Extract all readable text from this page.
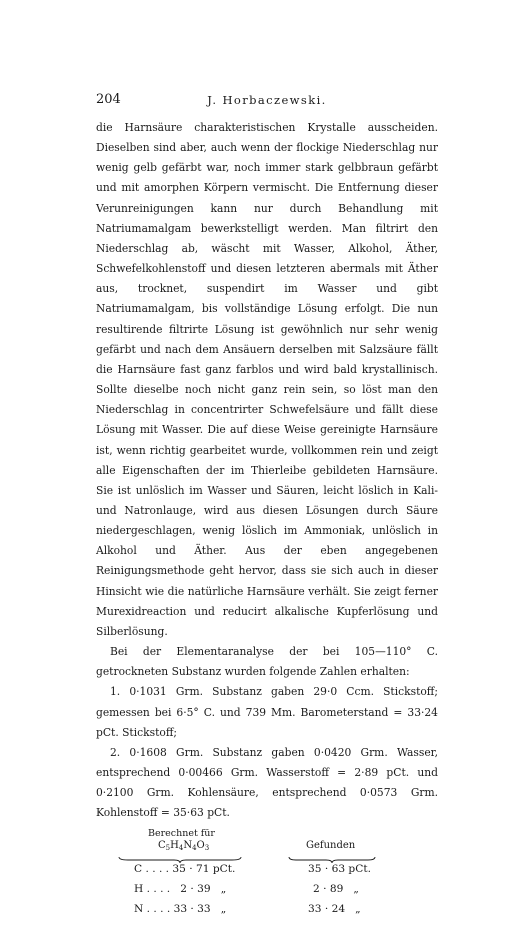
204	J. Horbaczewski.

die Harnsäure charakteristischen Krystalle ausscheiden. Dieselben sind aber, auch wenn der flockige Niederschlag nur wenig gelb gefärbt war, noch immer stark gelbbraun gefärbt und mit amorphen Körpern vermischt. Die Entfernung dieser Verunreinigungen kann nur durch Behandlung mit Natriumamalgam bewerkstelligt werden. Man filtrirt den Niederschlag ab, wäscht mit Wasser, Alkohol, Äther, Schwefelkohlenstoff und diesen letzteren abermals mit Äther aus, trocknet, suspendirt im Wasser und gibt Natriumamalgam, bis vollständige Lösung erfolgt. Die nun resultirende filtrirte Lösung ist gewöhnlich nur sehr wenig gefärbt und nach dem Ansäuern derselben mit Salzsäure fällt die Harnsäure fast ganz farblos und wird bald krystallinisch. Sollte dieselbe noch nicht ganz rein sein, so löst man den Niederschlag in concentrirter Schwefelsäure und fällt diese Lösung mit Wasser. Die auf diese Weise gereinigte Harnsäure ist, wenn richtig gearbeitet wurde, vollkommen rein und zeigt alle Eigenschaften der im Thierleibe gebildeten Harnsäure. Sie ist unlöslich im Wasser und Säuren, leicht löslich in Kali- und Natronlauge, wird aus diesen Lösungen durch Säure niedergeschlagen, wenig löslich im Ammoniak, unlöslich in Alkohol und Äther. Aus der eben angegebenen Reinigungsmethode geht hervor, dass sie sich auch in dieser Hinsicht wie die natürliche Harnsäure verhält. Sie zeigt ferner Murexidreaction und reducirt alkalische Kupferlösung und Silberlösung.

Bei der Elementaranalyse der bei 105—110° C. getrockneten Substanz wurden folgende Zahlen erhalten:

1. 0·1031 Grm. Substanz gaben 29·0 Ccm. Stickstoff; gemessen bei 6·5° C. und 739 Mm. Barometerstand = 33·24 pCt. Stickstoff;

2. 0·1608 Grm. Substanz gaben 0·0420 Grm. Wasser, entsprechend 0·00466 Grm. Wasserstoff = 2·89 pCt. und 0·2100 Grm. Kohlensäure, entsprechend 0·0573 Grm. Kohlenstoff = 35·63 pCt.

Berechnet für
$C_5H_4N_4O_3$	Gefunden
C . . . . 35 · 71 pCt.	35 · 63 pCt.
H . . . .   2 · 39   „	2 · 89   „
N . . . . 33 · 33   „	33 · 24   „
